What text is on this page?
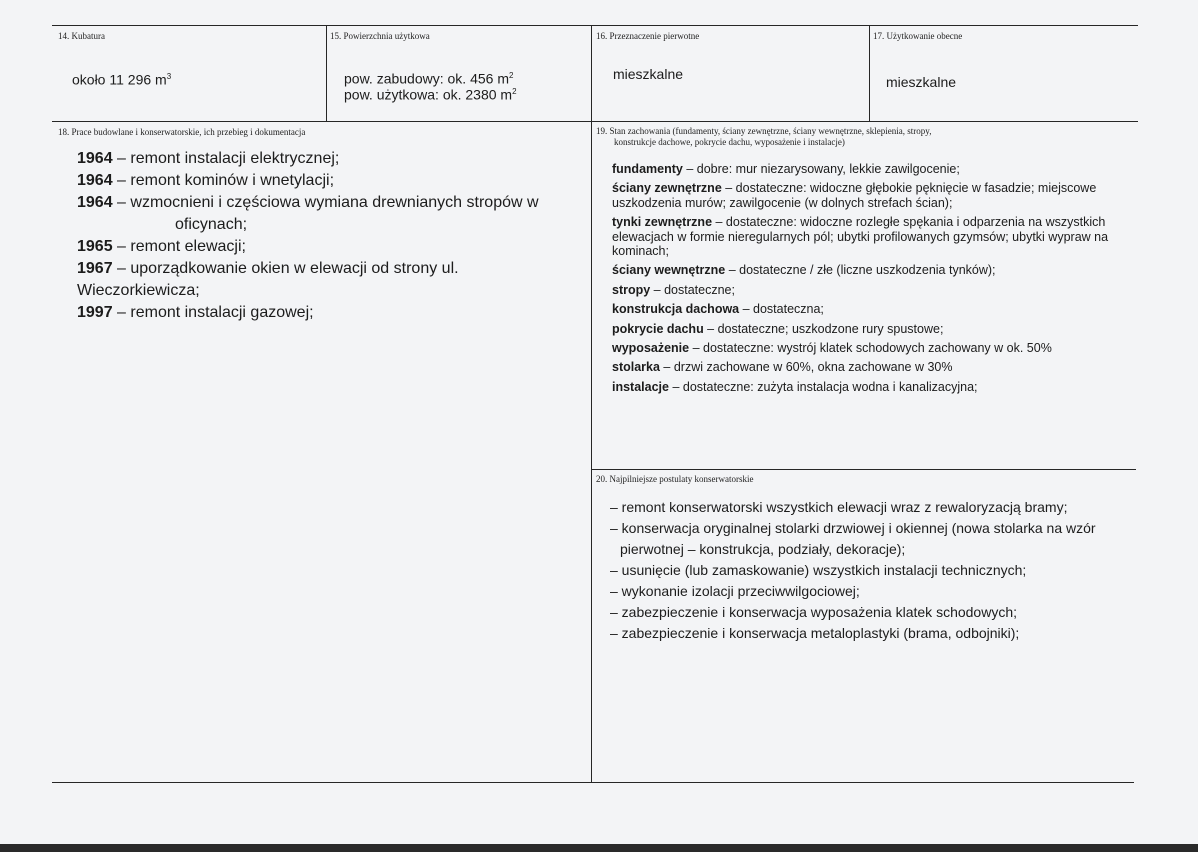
14. Kubatura
około 11 296 $m^3$
15. Powierzchnia użytkowa
pow. zabudowy: ok. 456 $m^2$
pow. użytkowa: ok. 2380 $m^2$
16. Przeznaczenie pierwotne
mieszkalne
17. Użytkowanie obecne
mieszkalne
18. Prace budowlane i konserwatorskie, ich przebieg i dokumentacja
1964 – remont instalacji elektrycznej;
1964 – remont kominów i wnetylacji;
1964 – wzmocnieni i częściowa wymiana drewnianych stropów w
oficynach;
1965 – remont elewacji;
1967 – uporządkowanie okien w elewacji od strony ul. Wieczorkiewicza;
1997 – remont instalacji gazowej;
19. Stan zachowania (fundamenty, ściany zewnętrzne, ściany wewnętrzne, sklepienia, stropy,
konstrukcje dachowe, pokrycie dachu, wyposażenie i instalacje)
fundamenty – dobre: mur niezarysowany, lekkie zawilgocenie;
ściany zewnętrzne – dostateczne: widoczne głębokie pęknięcie w fasadzie; miejscowe uszkodzenia murów; zawilgocenie (w dolnych strefach ścian);
tynki zewnętrzne – dostateczne: widoczne rozległe spękania i odparzenia na wszystkich elewacjach w formie nieregularnych pól; ubytki profilowanych gzymsów; ubytki wypraw na kominach;
ściany wewnętrzne – dostateczne / złe (liczne uszkodzenia tynków);
stropy – dostateczne;
konstrukcja dachowa – dostateczna;
pokrycie dachu – dostateczne; uszkodzone rury spustowe;
wyposażenie – dostateczne: wystrój klatek schodowych zachowany w ok. 50%
stolarka – drzwi zachowane w 60%, okna zachowane w 30%
instalacje – dostateczne: zużyta instalacja wodna i kanalizacyjna;
20. Najpilniejsze postulaty konserwatorskie
– remont konserwatorski wszystkich elewacji wraz z rewaloryzacją bramy;
– konserwacja oryginalnej stolarki drzwiowej i okiennej (nowa stolarka na wzór
pierwotnej – konstrukcja, podziały, dekoracje);
– usunięcie (lub zamaskowanie) wszystkich instalacji technicznych;
– wykonanie izolacji przeciwwilgociowej;
– zabezpieczenie i konserwacja wyposażenia klatek schodowych;
– zabezpieczenie i konserwacja metaloplastyki (brama, odbojniki);
